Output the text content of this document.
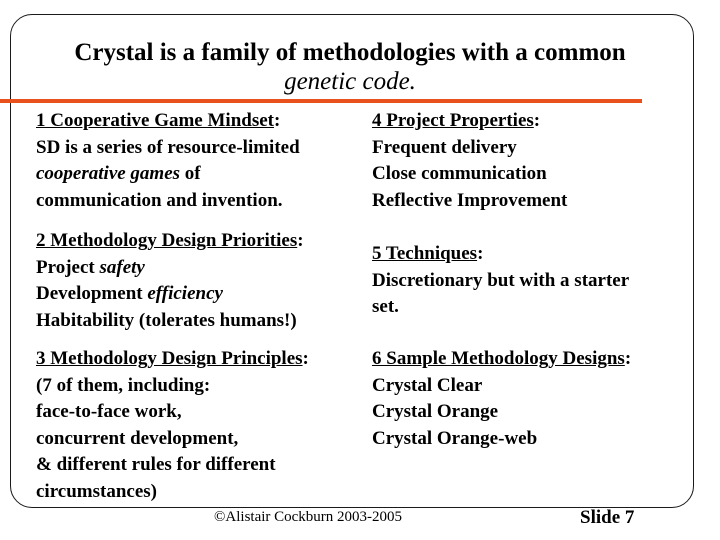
Crystal is a family of methodologies with a common
genetic code.
1 Cooperative Game Mindset:
SD is a series of resource-limited
cooperative games of
communication and invention.
4 Project Properties:
Frequent delivery
Close communication
Reflective Improvement
2 Methodology Design Priorities:
Project safety
Development efficiency
Habitability (tolerates humans!)
5 Techniques:
Discretionary but with a starter
set.
3 Methodology Design Principles:
(7 of them, including:
face-to-face work,
concurrent development,
& different rules for different
circumstances)
6 Sample Methodology Designs:
Crystal Clear
Crystal Orange
Crystal Orange-web
©Alistair Cockburn 2003-2005	Slide 7
